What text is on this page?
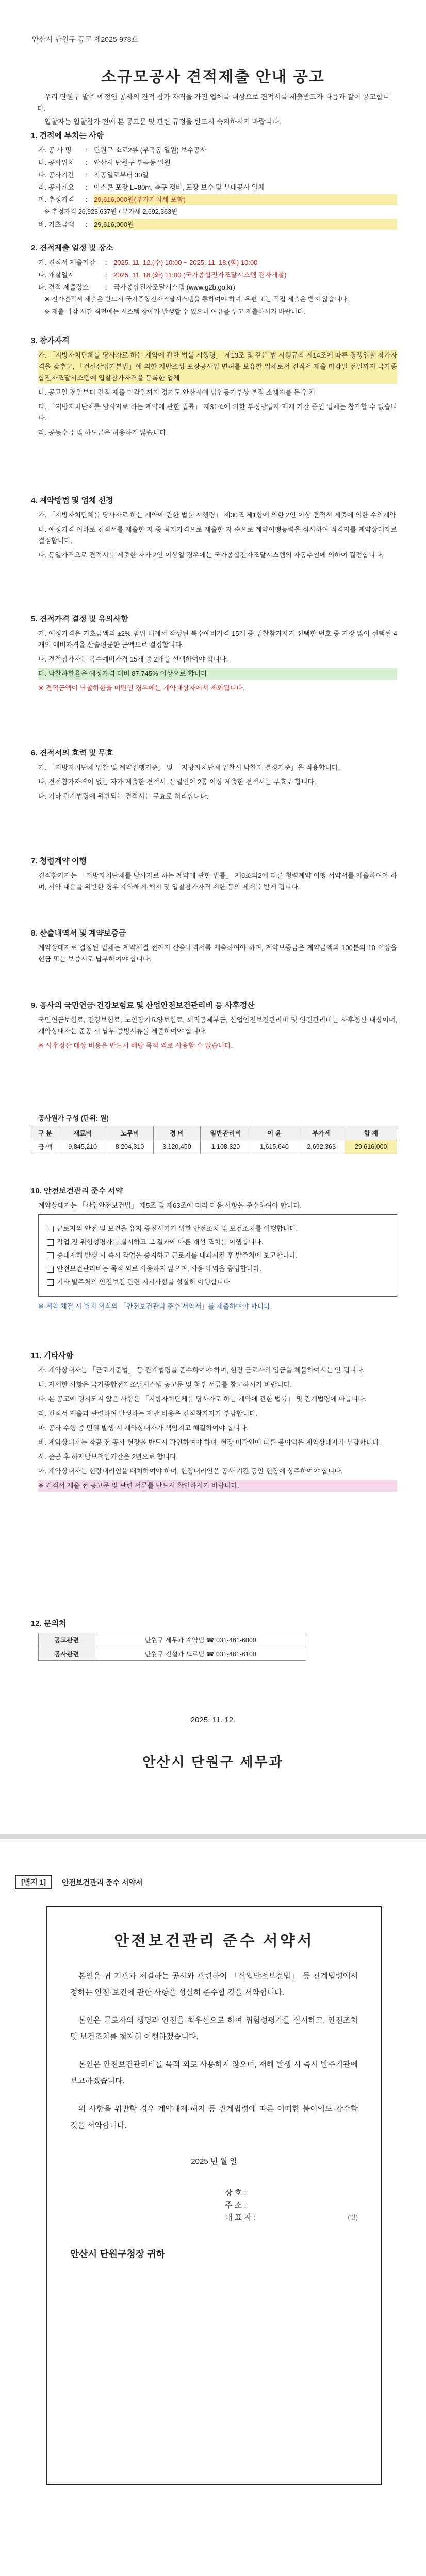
안산시 단원구 공고 제2025-978호
소규모공사 견적제출 안내 공고

우리 단원구 발주 예정인 공사의 견적 참가 자격을 가진 업체를 대상으로 견적서를 제출받고자 다음과 같이 공고합니다.

입찰자는 입찰참가 전에 본 공고문 및 관련 규정을 반드시 숙지하시기 바랍니다.

1. 견적에 부치는 사항
가. 공 사 명	: 단원구 소로2류 (부곡동 일원) 보수공사
나. 공사위치	: 안산시 단원구 부곡동 일원
다. 공사기간	: 착공일로부터 30일
라. 공사개요	: 아스콘 포장 L=80m, 측구 정비, 포장 보수 및 부대공사 일체
마. 추정가격	: 29,616,000원(부가가치세 포함)
※ 추정가격 26,923,637원 / 부가세 2,692,363원
바. 기초금액	: 29,616,000원
2. 견적제출 일정 및 장소
가. 견적서 제출기간	: 2025. 11. 12.(수) 10:00 ~ 2025. 11. 18.(화) 10:00
나. 개찰일시	: 2025. 11. 18.(화) 11:00 (국가종합전자조달시스템 전자개찰)
다. 견적 제출장소	: 국가종합전자조달시스템 (www.g2b.go.kr)
※ 전자견적서 제출은 반드시 국가종합전자조달시스템을 통하여야 하며, 우편 또는 직접 제출은 받지 않습니다.
※ 제출 마감 시간 직전에는 시스템 장애가 발생할 수 있으니 여유를 두고 제출하시기 바랍니다.
3. 참가자격
가. 「지방자치단체를 당사자로 하는 계약에 관한 법률 시행령」 제13조 및 같은 법 시행규칙 제14조에 따른 경쟁입찰 참가자격을 갖추고, 「건설산업기본법」에 의한 지반조성·포장공사업 면허를 보유한 업체로서 견적서 제출 마감일 전일까지 국가종합전자조달시스템에 입찰참가자격을 등록한 업체
나. 공고일 전일부터 견적 제출 마감일까지 경기도 안산시에 법인등기부상 본점 소재지를 둔 업체
다. 「지방자치단체를 당사자로 하는 계약에 관한 법률」 제31조에 의한 부정당업자 제재 기간 중인 업체는 참가할 수 없습니다.
라. 공동수급 및 하도급은 허용하지 않습니다.
4. 계약방법 및 업체 선정
가. 「지방자치단체를 당사자로 하는 계약에 관한 법률 시행령」 제30조 제1항에 의한 2인 이상 견적서 제출에 의한 수의계약
나. 예정가격 이하로 견적서를 제출한 자 중 최저가격으로 제출한 자 순으로 계약이행능력을 심사하여 적격자를 계약상대자로 결정합니다.
다. 동일가격으로 견적서를 제출한 자가 2인 이상일 경우에는 국가종합전자조달시스템의 자동추첨에 의하여 결정합니다.
5. 견적가격 결정 및 유의사항
가. 예정가격은 기초금액의 ±2% 범위 내에서 작성된 복수예비가격 15개 중 입찰참가자가 선택한 번호 중 가장 많이 선택된 4개의 예비가격을 산술평균한 금액으로 결정합니다.
나. 견적참가자는 복수예비가격 15개 중 2개를 선택하여야 합니다.
다. 낙찰하한율은 예정가격 대비 87.745% 이상으로 합니다.
※ 견적금액이 낙찰하한율 미만인 경우에는 계약대상자에서 제외됩니다.
6. 견적서의 효력 및 무효
가. 「지방자치단체 입찰 및 계약집행기준」 및 「지방자치단체 입찰시 낙찰자 결정기준」을 적용합니다.
나. 견적참가자격이 없는 자가 제출한 견적서, 동일인이 2통 이상 제출한 견적서는 무효로 합니다.
다. 기타 관계법령에 위반되는 견적서는 무효로 처리합니다.
7. 청렴계약 이행
견적참가자는 「지방자치단체를 당사자로 하는 계약에 관한 법률」 제6조의2에 따른 청렴계약 이행 서약서를 제출하여야 하며, 서약 내용을 위반한 경우 계약해제·해지 및 입찰참가자격 제한 등의 제재를 받게 됩니다.
8. 산출내역서 및 계약보증금
계약상대자로 결정된 업체는 계약체결 전까지 산출내역서를 제출하여야 하며, 계약보증금은 계약금액의 100분의 10 이상을 현금 또는 보증서로 납부하여야 합니다.
9. 공사의 국민연금·건강보험료 및 산업안전보건관리비 등 사후정산
국민연금보험료, 건강보험료, 노인장기요양보험료, 퇴직공제부금, 산업안전보건관리비 및 안전관리비는 사후정산 대상이며, 계약상대자는 준공 시 납부 증빙서류를 제출하여야 합니다.
※ 사후정산 대상 비용은 반드시 해당 목적 외로 사용할 수 없습니다.
공사원가 구성 (단위: 원)
구 분	재료비	노무비	경 비	일반관리비	이 윤	부가세	합 계
금 액	9,845,210	8,204,310	3,120,450	1,108,320	1,615,640	2,692,363	29,616,000
10. 안전보건관리 준수 서약
계약상대자는 「산업안전보건법」 제5조 및 제63조에 따라 다음 사항을 준수하여야 합니다.
근로자의 안전 및 보건을 유지·증진시키기 위한 안전조치 및 보건조치를 이행합니다.
작업 전 위험성평가를 실시하고 그 결과에 따른 개선 조치를 이행합니다.
중대재해 발생 시 즉시 작업을 중지하고 근로자를 대피시킨 후 발주처에 보고합니다.
안전보건관리비는 목적 외로 사용하지 않으며, 사용 내역을 증빙합니다.
기타 발주처의 안전보건 관련 지시사항을 성실히 이행합니다.
※ 계약 체결 시 별지 서식의 「안전보건관리 준수 서약서」를 제출하여야 합니다.
11. 기타사항
가. 계약상대자는 「근로기준법」 등 관계법령을 준수하여야 하며, 현장 근로자의 임금을 체불하여서는 안 됩니다.
나. 자세한 사항은 국가종합전자조달시스템 공고문 및 첨부 서류를 참고하시기 바랍니다.
다. 본 공고에 명시되지 않은 사항은 「지방자치단체를 당사자로 하는 계약에 관한 법률」 및 관계법령에 따릅니다.
라. 견적서 제출과 관련하여 발생하는 제반 비용은 견적참가자가 부담합니다.
마. 공사 수행 중 민원 발생 시 계약상대자가 책임지고 해결하여야 합니다.
바. 계약상대자는 착공 전 공사 현장을 반드시 확인하여야 하며, 현장 미확인에 따른 불이익은 계약상대자가 부담합니다.
사. 준공 후 하자담보책임기간은 2년으로 합니다.
아. 계약상대자는 현장대리인을 배치하여야 하며, 현장대리인은 공사 기간 동안 현장에 상주하여야 합니다.
※ 견적서 제출 전 공고문 및 관련 서류를 반드시 확인하시기 바랍니다.
12. 문의처
공고관련	단원구 세무과 계약팀 ☎ 031-481-6000
공사관련	단원구 건설과 도로팀 ☎ 031-481-6100
2025. 11. 12.
안산시 단원구 세무과
[별지 1]	안전보건관리 준수 서약서
안전보건관리 준수 서약서

본인은 귀 기관과 체결하는 공사와 관련하여 「산업안전보건법」 등 관계법령에서 정하는 안전·보건에 관한 사항을 성실히 준수할 것을 서약합니다.

본인은 근로자의 생명과 안전을 최우선으로 하여 위험성평가를 실시하고, 안전조치 및 보건조치를 철저히 이행하겠습니다.

본인은 안전보건관리비를 목적 외로 사용하지 않으며, 재해 발생 시 즉시 발주기관에 보고하겠습니다.

위 사항을 위반할 경우 계약해제·해지 등 관계법령에 따른 어떠한 불이익도 감수할 것을 서약합니다.

2025 년 월 일
상 호 :
주 소 :
대 표 자 :	(인)
안산시 단원구청장 귀하
